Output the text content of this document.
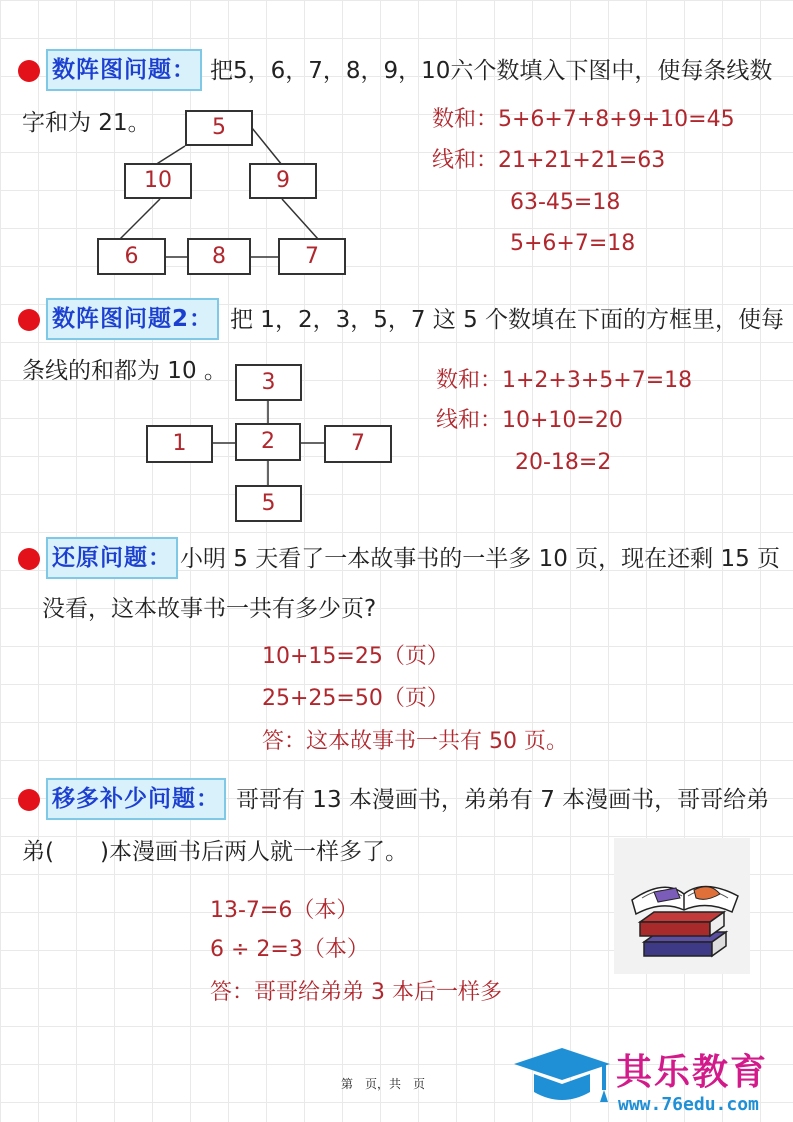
数阵图问题： 把5，6，7，8，9，10六个数填入下图中，使每条线数
字和为 21。	5
10	9
6	8	7
数和：5+6+7+8+9+10=45
线和：21+21+21=63
63-45=18
5+6+7=18
数阵图问题2： 把 1，2，3，5，7 这 5 个数填在下面的方框里，使每
条线的和都为 10 。	3
1	2	7
5
数和：1+2+3+5+7=18
线和：10+10=20
20-18=2
还原问题： 小明 5 天看了一本故事书的一半多 10 页，现在还剩 15 页
没看，这本故事书一共有多少页?
10+15=25（页）
25+25=50（页）
答：这本故事书一共有 50 页。
移多补少问题： 哥哥有 13 本漫画书，弟弟有 7 本漫画书，哥哥给弟
弟(　　)本漫画书后两人就一样多了。
13-7=6（本）
6 ÷ 2=3（本）
答：哥哥给弟弟 3 本后一样多
第　页，共　页	其乐教育
www.76edu.com
